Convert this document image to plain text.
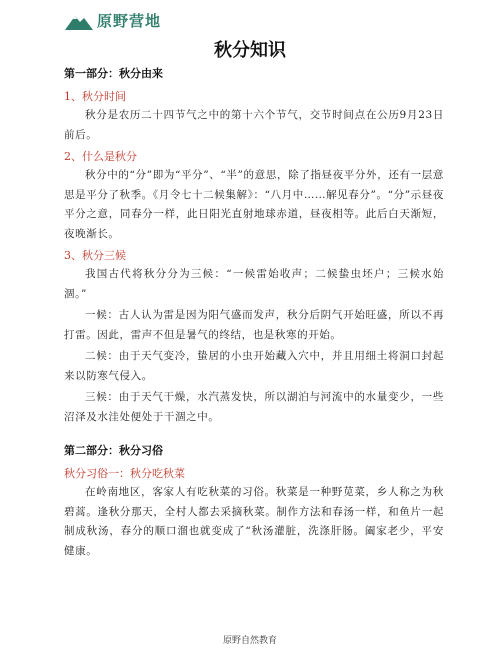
原野营地
秋分知识
第一部分：秋分由来
1、秋分时间

秋分是农历二十四节气之中的第十六个节气，交节时间点在公历9月23日前后。

2、什么是秋分

秋分中的“分”即为“平分”、“半”的意思，除了指昼夜平分外，还有一层意思是平分了秋季。《月令七十二候集解》：“八月中……解见春分”。“分”示昼夜平分之意，同春分一样，此日阳光直射地球赤道，昼夜相等。此后白天渐短，夜晚渐长。

3、秋分三候

我国古代将秋分分为三候：“一候雷始收声；二候蛰虫坯户；三候水始涸。”

一候：古人认为雷是因为阳气盛而发声，秋分后阴气开始旺盛，所以不再打雷。因此，雷声不但是暑气的终结，也是秋寒的开始。

二候：由于天气变冷，蛰居的小虫开始藏入穴中，并且用细土将洞口封起来以防寒气侵入。

三候：由于天气干燥，水汽蒸发快，所以湖泊与河流中的水量变少，一些沼泽及水洼处便处于干涸之中。

第二部分：秋分习俗
秋分习俗一：秋分吃秋菜

在岭南地区，客家人有吃秋菜的习俗。秋菜是一种野苋菜，乡人称之为秋碧蒿。逢秋分那天，全村人都去采摘秋菜。制作方法和春汤一样，和鱼片一起制成秋汤，春分的顺口溜也就变成了“秋汤灌脏，洗涤肝肠。阖家老少，平安健康。

原野自然教育
